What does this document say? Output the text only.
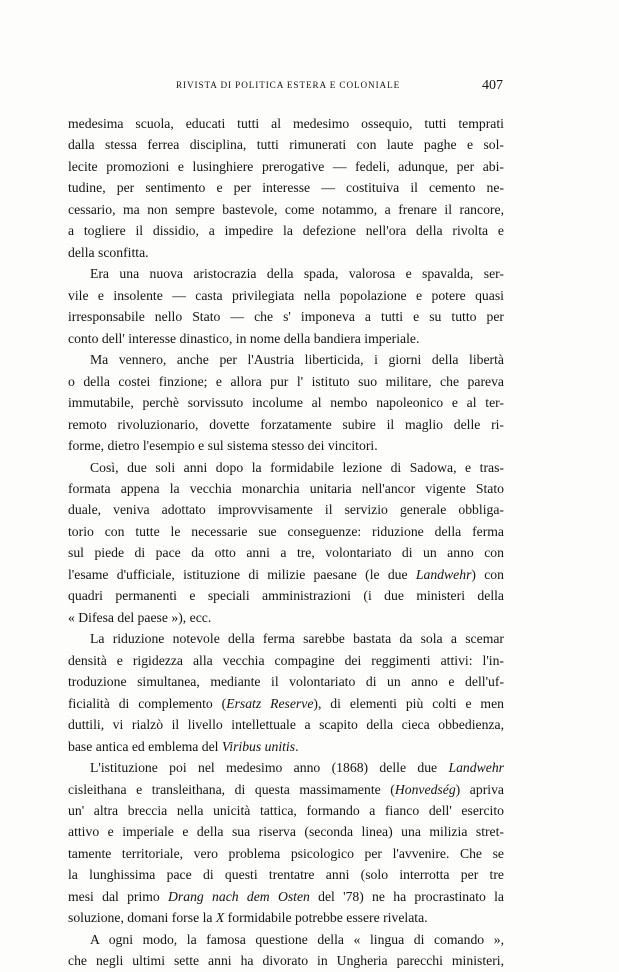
RIVISTA DI POLITICA ESTERA E COLONIALE	407
medesima scuola, educati tutti al medesimo ossequio, tutti temprati
dalla stessa ferrea disciplina, tutti rimunerati con laute paghe e sol-
lecite promozioni e lusinghiere prerogative — fedeli, adunque, per abi-
tudine, per sentimento e per interesse — costituiva il cemento ne-
cessario, ma non sempre bastevole, come notammo, a frenare il rancore,
a togliere il dissidio, a impedire la defezione nell'ora della rivolta e
della sconfitta.
Era una nuova aristocrazia della spada, valorosa e spavalda, ser-
vile e insolente — casta privilegiata nella popolazione e potere quasi
irresponsabile nello Stato — che s' imponeva a tutti e su tutto per
conto dell' interesse dinastico, in nome della bandiera imperiale.
Ma vennero, anche per l'Austria liberticida, i giorni della libertà
o della costei finzione; e allora pur l' istituto suo militare, che pareva
immutabile, perchè sorvissuto incolume al nembo napoleonico e al ter-
remoto rivoluzionario, dovette forzatamente subire il maglio delle ri-
forme, dietro l'esempio e sul sistema stesso dei vincitori.
Così, due soli anni dopo la formidabile lezione di Sadowa, e tras-
formata appena la vecchia monarchia unitaria nell'ancor vigente Stato
duale, veniva adottato improvvisamente il servizio generale obbliga-
torio con tutte le necessarie sue conseguenze: riduzione della ferma
sul piede di pace da otto anni a tre, volontariato di un anno con
l'esame d'ufficiale, istituzione di milizie paesane (le due Landwehr) con
quadri permanenti e speciali amministrazioni (i due ministeri della
« Difesa del paese »), ecc.
La riduzione notevole della ferma sarebbe bastata da sola a scemar
densità e rigidezza alla vecchia compagine dei reggimenti attivi: l'in-
troduzione simultanea, mediante il volontariato di un anno e dell'uf-
ficialità di complemento (Ersatz Reserve), di elementi più colti e men
duttili, vi rialzò il livello intellettuale a scapito della cieca obbedienza,
base antica ed emblema del Viribus unitis.
L'istituzione poi nel medesimo anno (1868) delle due Landwehr
cisleithana e transleithana, di questa massimamente (Honvedség) apriva
un' altra breccia nella unicità tattica, formando a fianco dell' esercito
attivo e imperiale e della sua riserva (seconda linea) una milizia stret-
tamente territoriale, vero problema psicologico per l'avvenire. Che se
la lunghissima pace di questi trentatre anni (solo interrotta per tre
mesi dal primo Drang nach dem Osten del '78) ne ha procrastinato la
soluzione, domani forse la X formidabile potrebbe essere rivelata.
A ogni modo, la famosa questione della « lingua di comando »,
che negli ultimi sette anni ha divorato in Ungheria parecchi ministeri,
